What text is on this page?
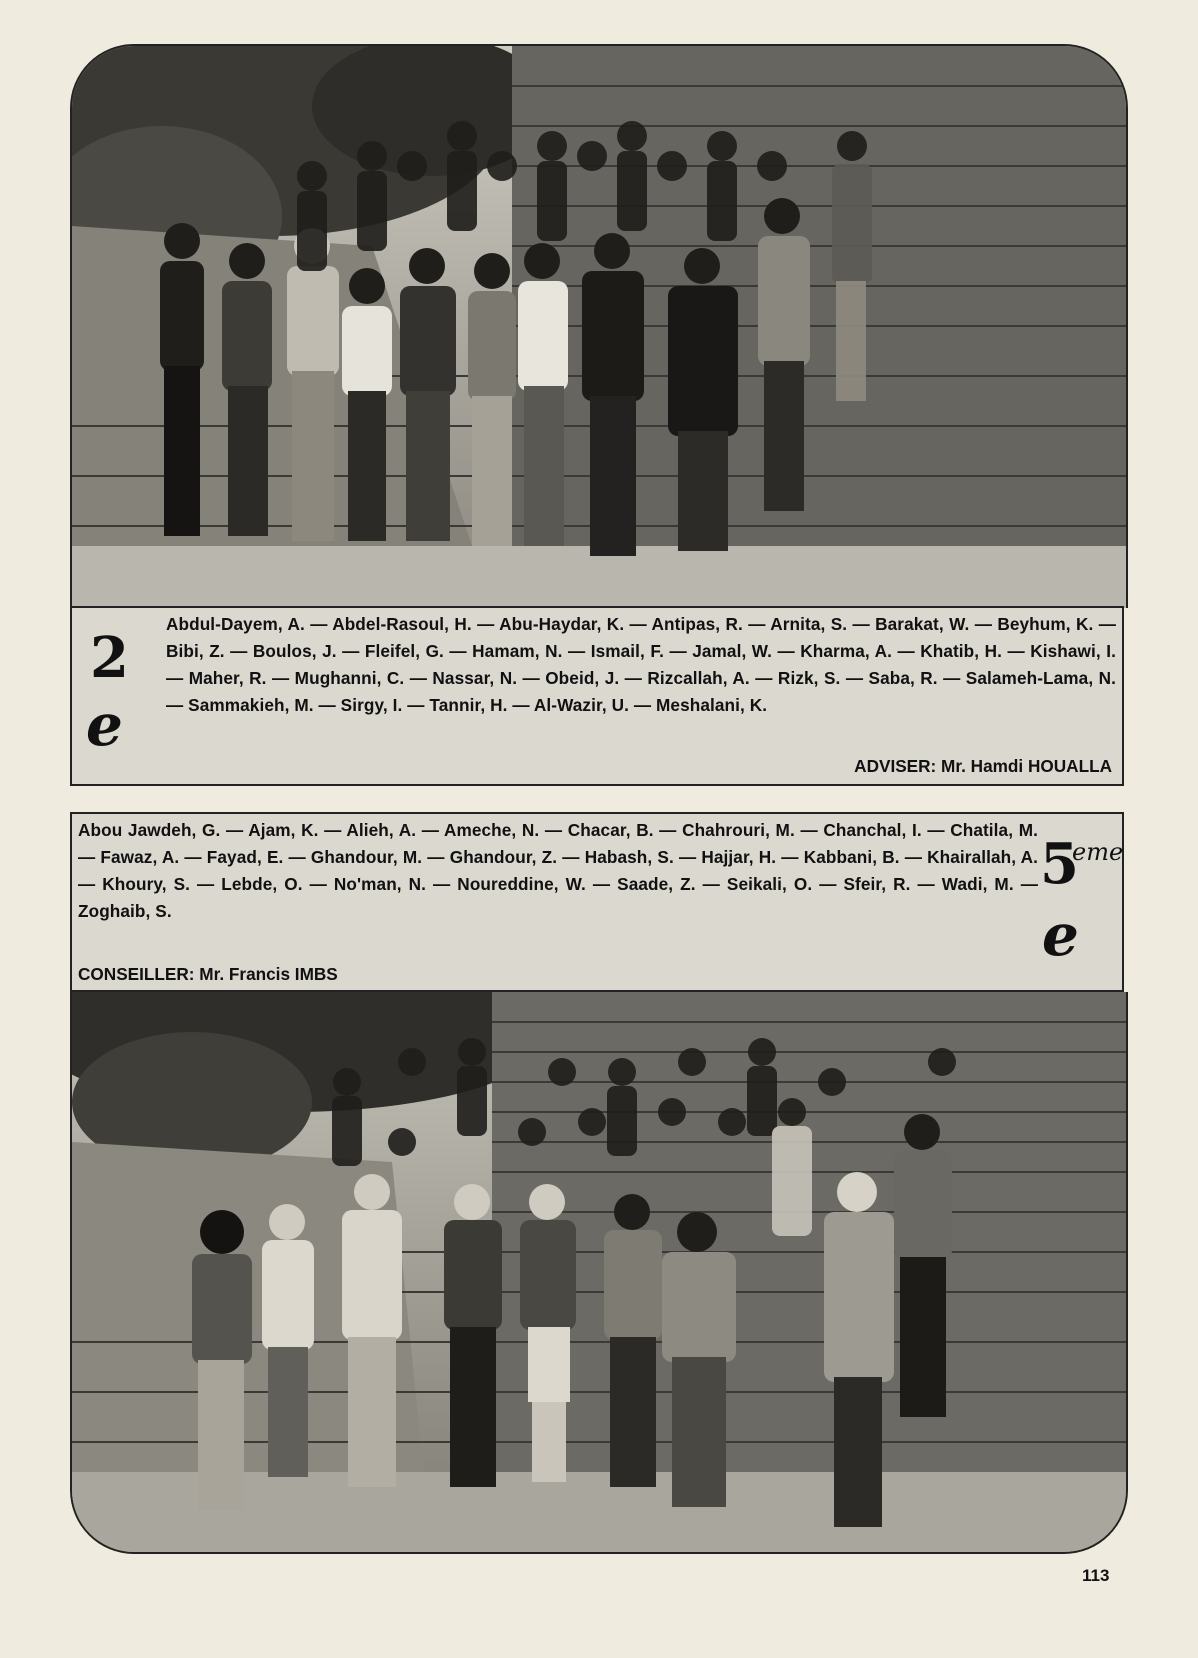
2
e
Abdul-Dayem, A. — Abdel-Rasoul, H. — Abu-Haydar, K. — Antipas, R. — Arnita, S. — Barakat, W. — Beyhum, K. — Bibi, Z. — Boulos, J. — Fleifel, G. — Hamam, N. — Ismail, F. — Jamal, W. — Kharma, A. — Khatib, H. — Kishawi, I. — Maher, R. — Mughanni, C. — Nassar, N. — Obeid, J. — Rizcallah, A. — Rizk, S. — Saba, R. — Salameh-Lama, N. — Sammakieh, M. — Sirgy, I. — Tannir, H. — Al-Wazir, U. — Meshalani, K.
ADVISER: Mr. Hamdi HOUALLA
Abou Jawdeh, G. — Ajam, K. — Alieh, A. — Ameche, N. — Chacar, B. — Chahrouri, M. — Chanchal, I. — Chatila, M. — Fawaz, A. — Fayad, E. — Ghandour, M. — Ghandour, Z. — Habash, S. — Hajjar, H. — Kabbani, B. — Khairallah, A. — Khoury, S. — Lebde, O. — No'man, N. — Noureddine, W. — Saade, Z. — Seikali, O. — Sfeir, R. — Wadi, M. — Zoghaib, S.
5
eme
e
CONSEILLER: Mr. Francis IMBS
113
